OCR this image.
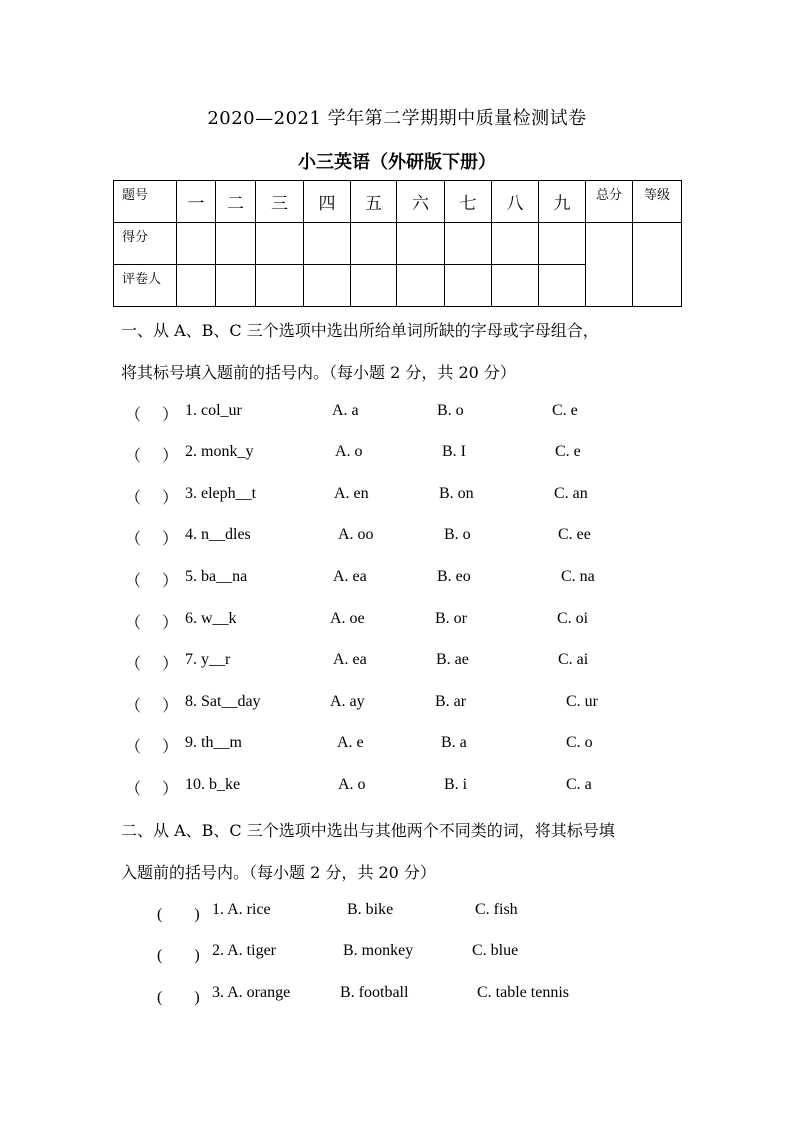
2020—2021 学年第二学期期中质量检测试卷
小三英语（外研版下册）
题号	一	二	三	四	五	六	七	八	九	总分	等级
得分											
评卷人											
一、从 A、B、C 三个选项中选出所给单词所缺的字母或字母组合，
将其标号填入题前的括号内。（每小题 2 分，共 20 分）
（　 ） 1. col_ur	A. a	B. o	C. e
（　 ） 2. monk_y	A. o	B. I	C. e
（　 ） 3. eleph__t	A. en	B. on	C. an
（　 ） 4. n__dles	A. oo	B. o	C. ee
（　 ） 5. ba__na	A. ea	B. eo	C. na
（　 ） 6. w__k	A. oe	B. or	C. oi
（　 ） 7. y__r	A. ea	B. ae	C. ai
（　 ） 8. Sat__day	A. ay	B. ar	C. ur
（　 ） 9. th__m	A. e	B. a	C. o
（　 ） 10. b_ke	A. o	B. i	C. a
二、从 A、B、C 三个选项中选出与其他两个不同类的词，将其标号填
入题前的括号内。（每小题 2 分，共 20 分）
(　　) 1. A. rice	B. bike	C. fish
(　　) 2. A. tiger	B. monkey	C. blue
(　　) 3. A. orange	B. football	C. table tennis
